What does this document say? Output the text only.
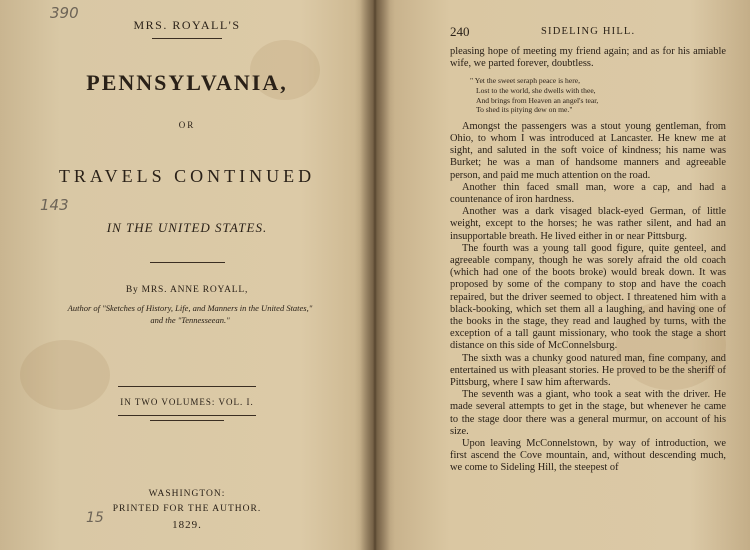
390
143
15
MRS. ROYALL'S
PENNSYLVANIA,
OR
TRAVELS CONTINUED
IN THE UNITED STATES.
By MRS. ANNE ROYALL,
Author of "Sketches of History, Life, and Manners in the United States,"
and the "Tennesseean."
IN TWO VOLUMES: VOL. I.
WASHINGTON:
PRINTED FOR THE AUTHOR.
1829.
240	SIDELING HILL.

pleasing hope of meeting my friend again; and as for his amiable wife, we parted forever, doubtless.

" Yet the sweet seraph peace is here,
Lost to the world, she dwells with thee,
And brings from Heaven an angel's tear,
To shed its pitying dew on me."

Amongst the passengers was a stout young gentleman, from Ohio, to whom I was introduced at Lancaster. He knew me at sight, and saluted in the soft voice of kindness; his name was Burket; he was a man of handsome manners and agreeable person, and paid me much attention on the road.

Another thin faced small man, wore a cap, and had a countenance of iron hardness.

Another was a dark visaged black-eyed German, of little weight, except to the horses; he was rather silent, and had an insupportable breath. He lived either in or near Pittsburg.

The fourth was a young tall good figure, quite genteel, and agreeable company, though he was sorely afraid the old coach (which had one of the boots broke) would break down. It was proposed by some of the company to stop and have the coach repaired, but the driver seemed to object. I threatened him with a black-booking, which set them all a laughing, and having one of the books in the stage, they read and laughed by turns, with the exception of a tall gaunt missionary, who took the stage a short distance on this side of McConnelsburg.

The sixth was a chunky good natured man, fine company, and entertained us with pleasant stories. He proved to be the sheriff of Pittsburg, where I saw him afterwards.

The seventh was a giant, who took a seat with the driver. He made several attempts to get in the stage, but whenever he came to the stage door there was a general murmur, on account of his size.

Upon leaving McConnelstown, by way of introduction, we first ascend the Cove mountain, and, without descending much, we come to Sideling Hill, the steepest of
